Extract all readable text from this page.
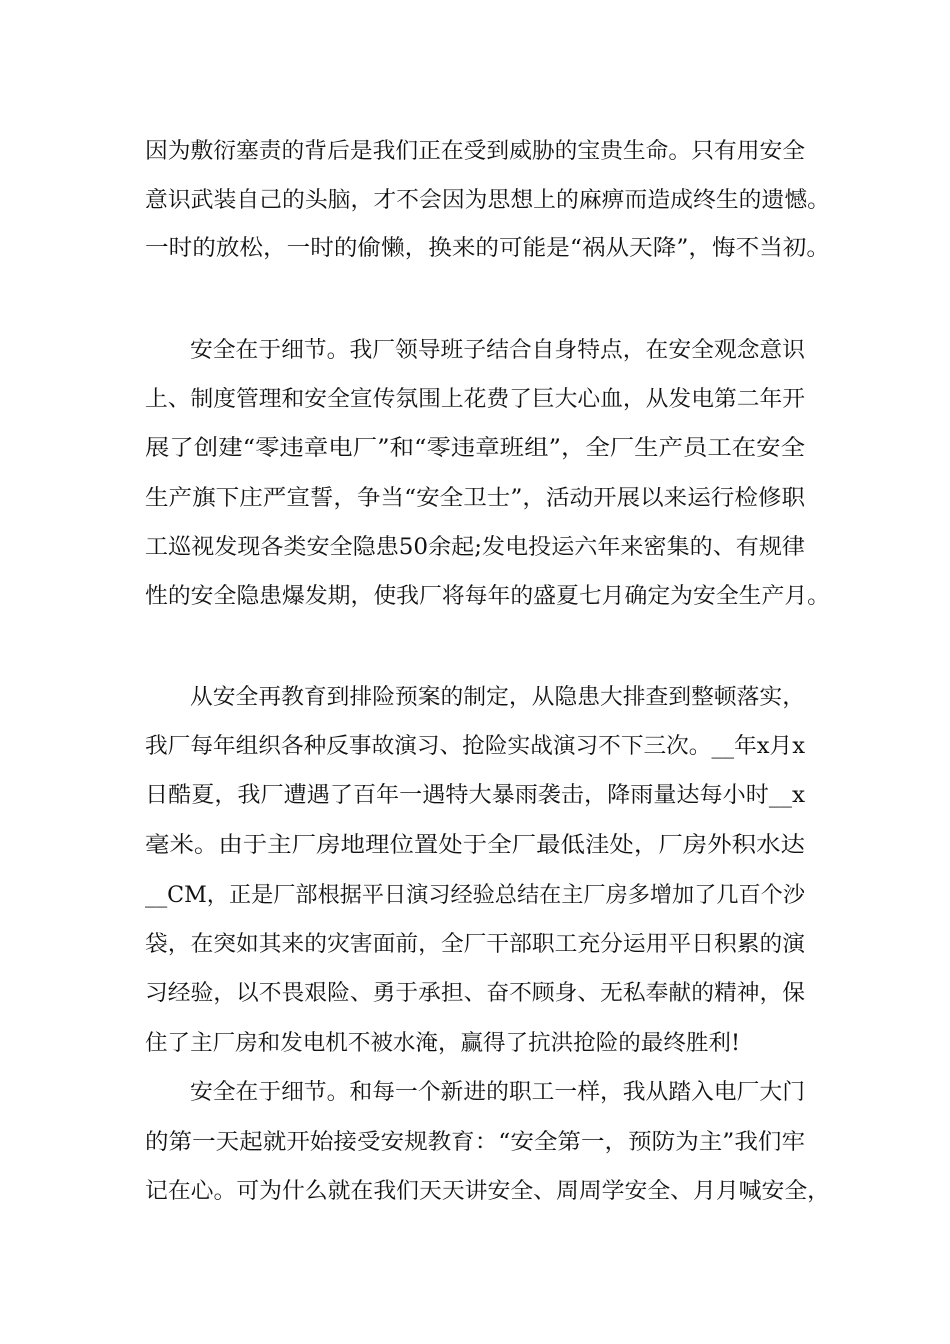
因为敷衍塞责的背后是我们正在受到威胁的宝贵生命。只有用安全
意识武装自己的头脑，才不会因为思想上的麻痹而造成终生的遗憾。
一时的放松，一时的偷懒，换来的可能是“祸从天降”，悔不当初。
安全在于细节。我厂领导班子结合自身特点，在安全观念意识
上、制度管理和安全宣传氛围上花费了巨大心血，从发电第二年开
展了创建“零违章电厂”和“零违章班组”，全厂生产员工在安全
生产旗下庄严宣誓，争当“安全卫士”，活动开展以来运行检修职
工巡视发现各类安全隐患50余起;发电投运六年来密集的、有规律
性的安全隐患爆发期，使我厂将每年的盛夏七月确定为安全生产月。
从安全再教育到排险预案的制定，从隐患大排查到整顿落实，
我厂每年组织各种反事故演习、抢险实战演习不下三次。__年x月x
日酷夏，我厂遭遇了百年一遇特大暴雨袭击，降雨量达每小时__x
毫米。由于主厂房地理位置处于全厂最低洼处，厂房外积水达
__CM，正是厂部根据平日演习经验总结在主厂房多增加了几百个沙
袋，在突如其来的灾害面前，全厂干部职工充分运用平日积累的演
习经验，以不畏艰险、勇于承担、奋不顾身、无私奉献的精神，保
住了主厂房和发电机不被水淹，赢得了抗洪抢险的最终胜利!
安全在于细节。和每一个新进的职工一样，我从踏入电厂大门
的第一天起就开始接受安规教育：“安全第一，预防为主”我们牢
记在心。可为什么就在我们天天讲安全、周周学安全、月月喊安全，
